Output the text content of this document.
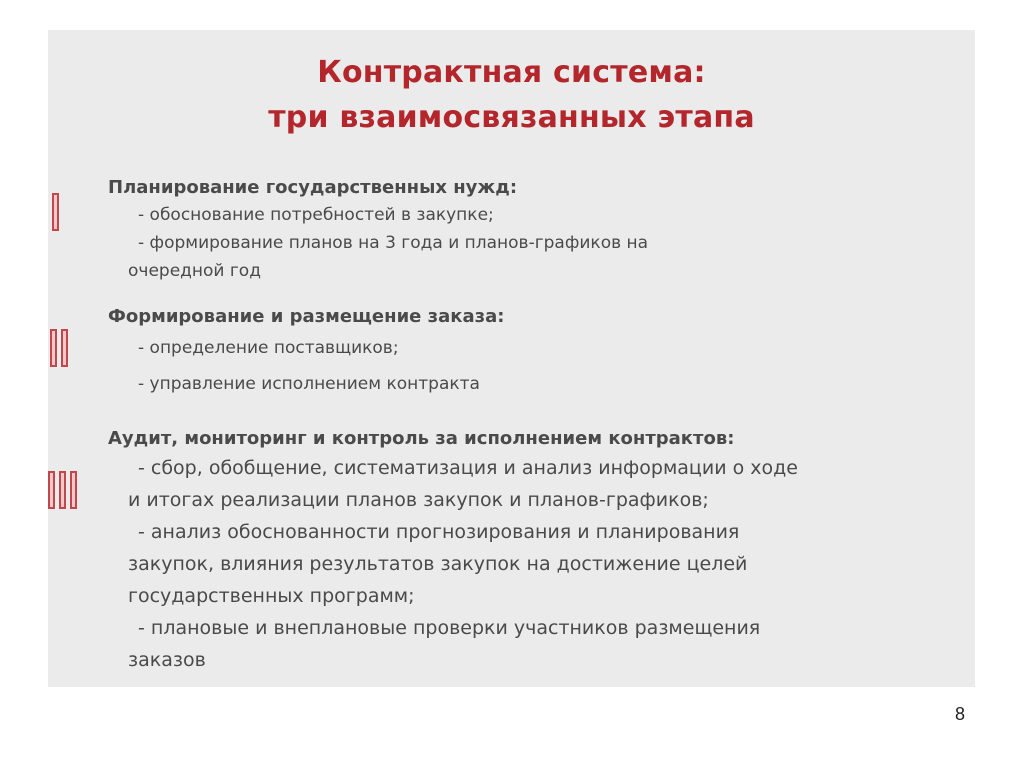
Контрактная система:
три взаимосвязанных этапа
Планирование государственных нужд:
- обоснование потребностей в закупке;
- формирование планов на 3 года и планов-графиков на
очередной год
Формирование и размещение заказа:
- определение поставщиков;
- управление исполнением контракта
Аудит, мониторинг и контроль за исполнением контрактов:
- сбор, обобщение, систематизация и анализ информации о ходе
и итогах реализации планов закупок и планов-графиков;
- анализ обоснованности прогнозирования и планирования
закупок, влияния результатов закупок на достижение целей
государственных программ;
- плановые и внеплановые проверки участников размещения
заказов
8
